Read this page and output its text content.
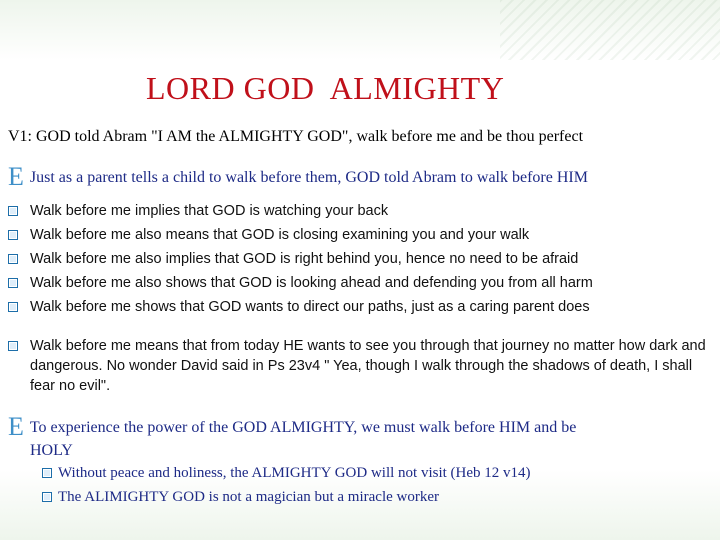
LORD GOD  ALMIGHTY
V1: GOD told Abram "I AM the ALMIGHTY GOD", walk before me and be thou perfect
E Just as a parent tells a child to walk before them, GOD told Abram to walk before HIM
Walk before me implies that GOD is watching your back
Walk before me also means that GOD is closing examining you and your walk
Walk before me also implies that GOD is right behind you, hence no need to be afraid
Walk before me also shows that GOD is looking ahead and defending you from all harm
Walk before me shows that GOD wants to direct our paths, just as a caring parent does
Walk before me means that from today HE wants to see you through that journey no matter how dark and dangerous. No wonder David said in Ps 23v4 " Yea, though I walk through the shadows of death, I shall fear no evil".
E To experience the power of the GOD ALMIGHTY, we must walk before HIM and be
HOLY
Without peace and holiness, the ALMIGHTY GOD will not visit (Heb 12 v14)
The ALIMIGHTY GOD is not a magician but a miracle worker
